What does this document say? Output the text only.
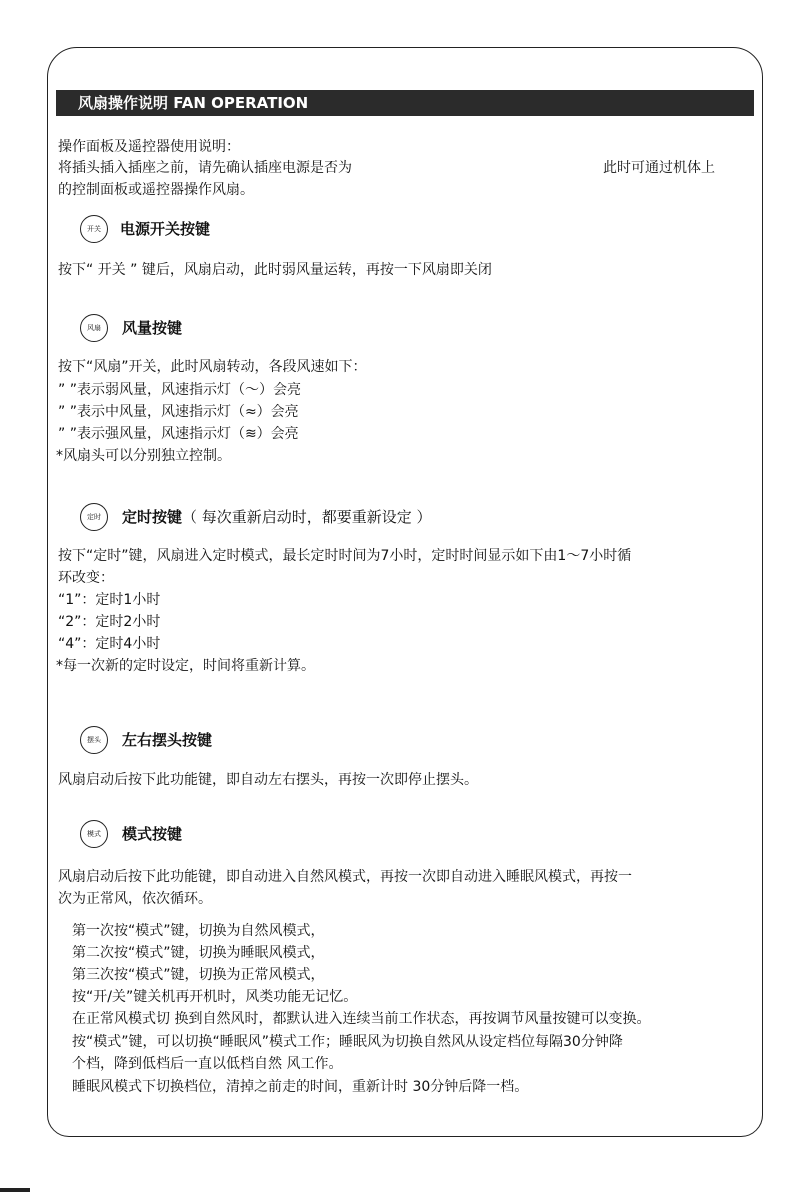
风扇操作说明 FAN OPERATION
操作面板及遥控器使用说明：
将插头插入插座之前，请先确认插座电源是否为	此时可通过机体上
的控制面板或遥控器操作风扇。
开关	电源开关按键
按下“ 开关 ” 键后，风扇启动，此时弱风量运转，再按一下风扇即关闭
风扇	风量按键
按下“风扇”开关，此时风扇转动，各段风速如下：
” ”表示弱风量，风速指示灯（～）会亮
” ”表示中风量，风速指示灯（≈）会亮
” ”表示强风量，风速指示灯（≋）会亮
*风扇头可以分别独立控制。
定时	定时按键（ 每次重新启动时，都要重新设定 ）
按下“定时”键，风扇进入定时模式，最长定时时间为7小时，定时时间显示如下由1～7小时循
环改变：
“1”：定时1小时
“2”：定时2小时
“4”：定时4小时
*每一次新的定时设定，时间将重新计算。
摆头	左右摆头按键
风扇启动后按下此功能键，即自动左右摆头，再按一次即停止摆头。
模式	模式按键
风扇启动后按下此功能键，即自动进入自然风模式，再按一次即自动进入睡眠风模式，再按一
次为正常风，依次循环。
第一次按“模式”键，切换为自然风模式，
第二次按“模式”键，切换为睡眠风模式，
第三次按“模式”键，切换为正常风模式，
按“开/关”键关机再开机时，风类功能无记忆。
在正常风模式切 换到自然风时，都默认进入连续当前工作状态，再按调节风量按键可以变换。
按“模式”键，可以切换“睡眠风”模式工作；睡眠风为切换自然风从设定档位每隔30分钟降
个档，降到低档后一直以低档自然 风工作。
睡眠风模式下切换档位，清掉之前走的时间，重新计时 30分钟后降一档。
